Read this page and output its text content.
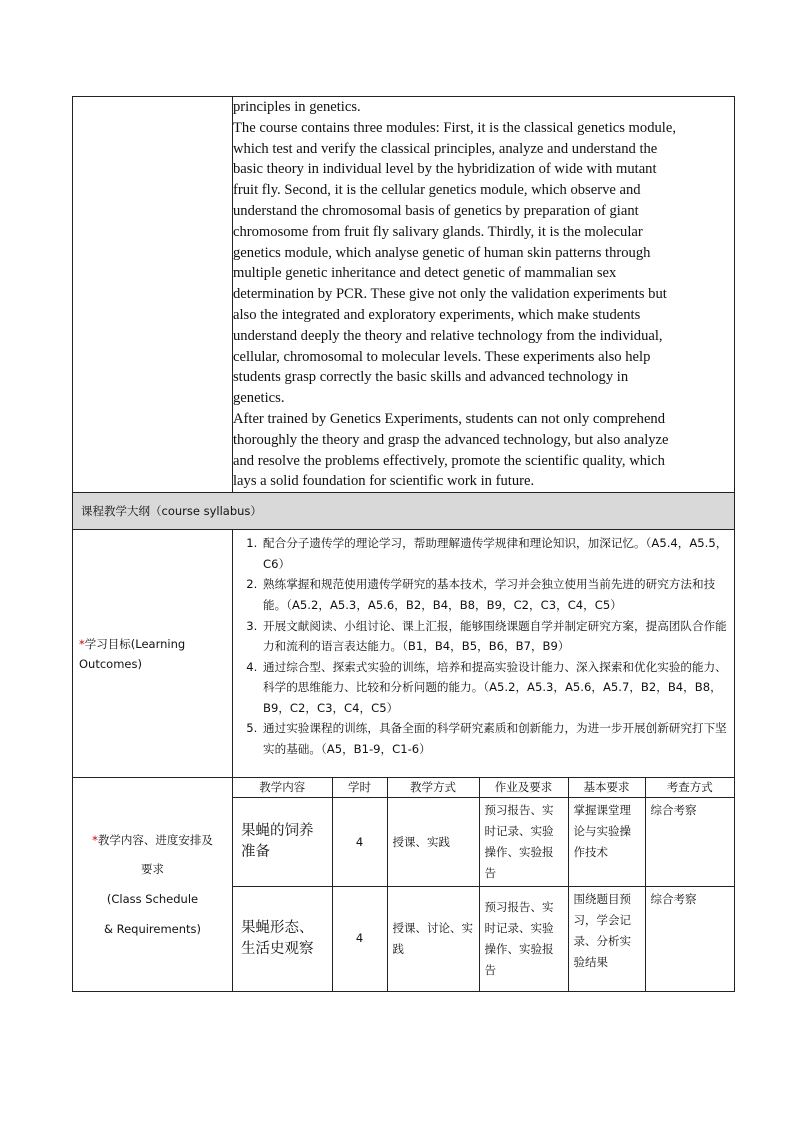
principles in genetics.
The course contains three modules: First, it is the classical genetics module,
which test and verify the classical principles, analyze and understand the
basic theory in individual level by the hybridization of wide with mutant
fruit fly. Second, it is the cellular genetics module, which observe and
understand the chromosomal basis of genetics by preparation of giant
chromosome from fruit fly salivary glands. Thirdly, it is the molecular
genetics module, which analyse genetic of human skin patterns through
multiple genetic inheritance and detect genetic of mammalian sex
determination by PCR. These give not only the validation experiments but
also the integrated and exploratory experiments, which make students
understand deeply the theory and relative technology from the individual,
cellular, chromosomal to molecular levels. These experiments also help
students grasp correctly the basic skills and advanced technology in
genetics.

After trained by Genetics Experiments, students can not only comprehend
thoroughly the theory and grasp the advanced technology, but also analyze
and resolve the problems effectively, promote the scientific quality, which
lays a solid foundation for scientific work in future.

课程教学大纲（course syllabus）
*学习目标(Learning Outcomes)	
1. 配合分子遗传学的理论学习，帮助理解遗传学规律和理论知识，加深记忆。（A5.4，A5.5，C6）
2. 熟练掌握和规范使用遗传学研究的基本技术，学习并会独立使用当前先进的研究方法和技能。（A5.2，A5.3，A5.6，B2，B4，B8，B9，C2，C3，C4，C5）
3. 开展文献阅读、小组讨论、课上汇报，能够围绕课题自学并制定研究方案，提高团队合作能力和流利的语言表达能力。（B1，B4，B5，B6，B7，B9）
4. 通过综合型、探索式实验的训练，培养和提高实验设计能力、深入探索和优化实验的能力、科学的思维能力、比较和分析问题的能力。（A5.2，A5.3，A5.6，A5.7，B2，B4，B8，B9，C2，C3，C4，C5）
5. 通过实验课程的训练，具备全面的科学研究素质和创新能力，为进一步开展创新研究打下坚实的基础。（A5，B1-9，C1-6）

*教学内容、进度安排及
要求
(Class Schedule
& Requirements)

教学内容	学时	教学方式	作业及要求	基本要求	考查方式
果蝇的饲养准备	4	授课、实践	预习报告、实时记录、实验操作、实验报告	掌握课堂理论与实验操作技术	综合考察
果蝇形态、生活史观察	4	授课、讨论、实践	预习报告、实时记录、实验操作、实验报告	围绕题目预习，学会记录、分析实验结果	综合考察
